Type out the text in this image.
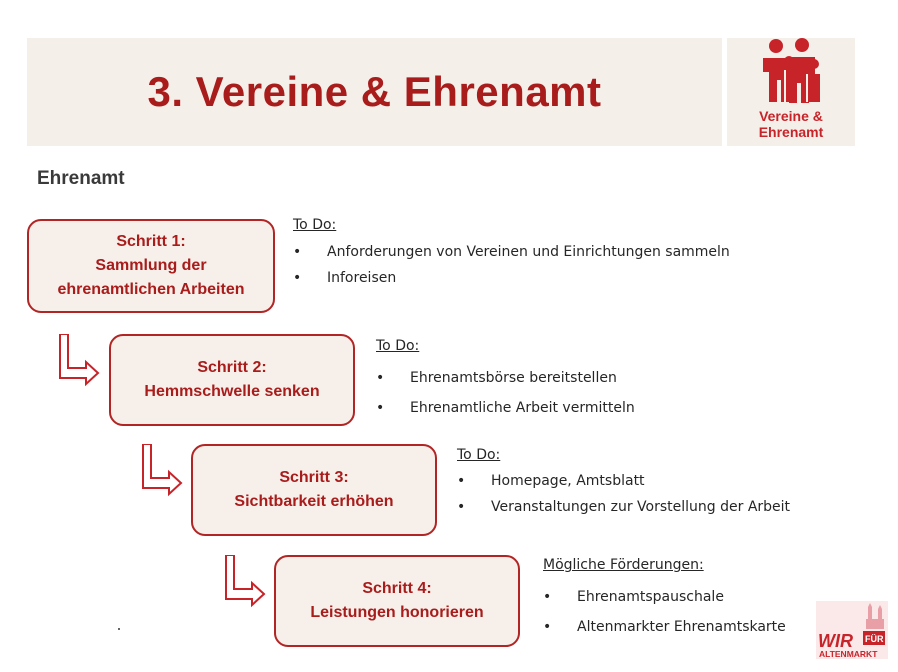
3. Vereine & Ehrenamt
Vereine &
Ehrenamt
Ehrenamt
Schritt 1:
Sammlung der
ehrenamtlichen Arbeiten
To Do:
• Anforderungen von Vereinen und Einrichtungen sammeln
• Inforeisen
Schritt 2:
Hemmschwelle senken
To Do:
• Ehrenamtsbörse bereitstellen
• Ehrenamtliche Arbeit vermitteln
Schritt 3:
Sichtbarkeit erhöhen
To Do:
• Homepage, Amtsblatt
• Veranstaltungen zur Vorstellung der Arbeit
Schritt 4:
Leistungen honorieren
Mögliche Förderungen:
• Ehrenamtspauschale
• Altenmarkter Ehrenamtskarte
WIR FÜR
ALTENMARKT
